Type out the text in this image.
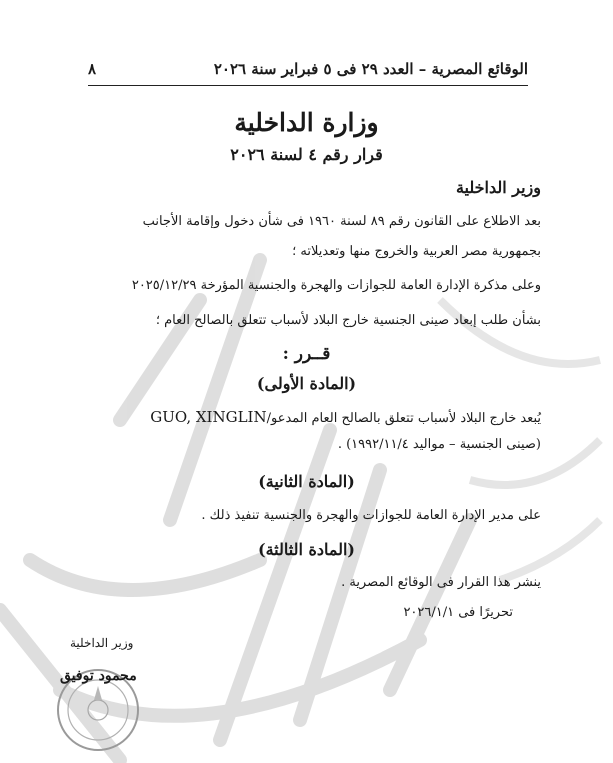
٨	الوقائع المصرية – العدد ٢٩ فى ٥ فبراير سنة ٢٠٢٦
وزارة الداخلية
قرار رقم ٤ لسنة ٢٠٢٦
وزير الداخلية
بعد الاطلاع على القانون رقم ٨٩ لسنة ١٩٦٠ فى شأن دخول وإقامة الأجانب
بجمهورية مصر العربية والخروج منها وتعديلاته ؛
وعلى مذكرة الإدارة العامة للجوازات والهجرة والجنسية المؤرخة ٢٠٢٥/١٢/٢٩
بشأن طلب إبعاد صينى الجنسية خارج البلاد لأسباب تتعلق بالصالح العام ؛
قــرر :
(المادة الأولى)
يُبعد خارج البلاد لأسباب تتعلق بالصالح العام المدعو/GUO, XINGLIN
(صينى الجنسية – مواليد ١٩٩٢/١١/٤) .
(المادة الثانية)
على مدير الإدارة العامة للجوازات والهجرة والجنسية تنفيذ ذلك .
(المادة الثالثة)
ينشر هذا القرار فى الوقائع المصرية .
تحريرًا فى ٢٠٢٦/١/١
وزير الداخلية
محمود توفيق
